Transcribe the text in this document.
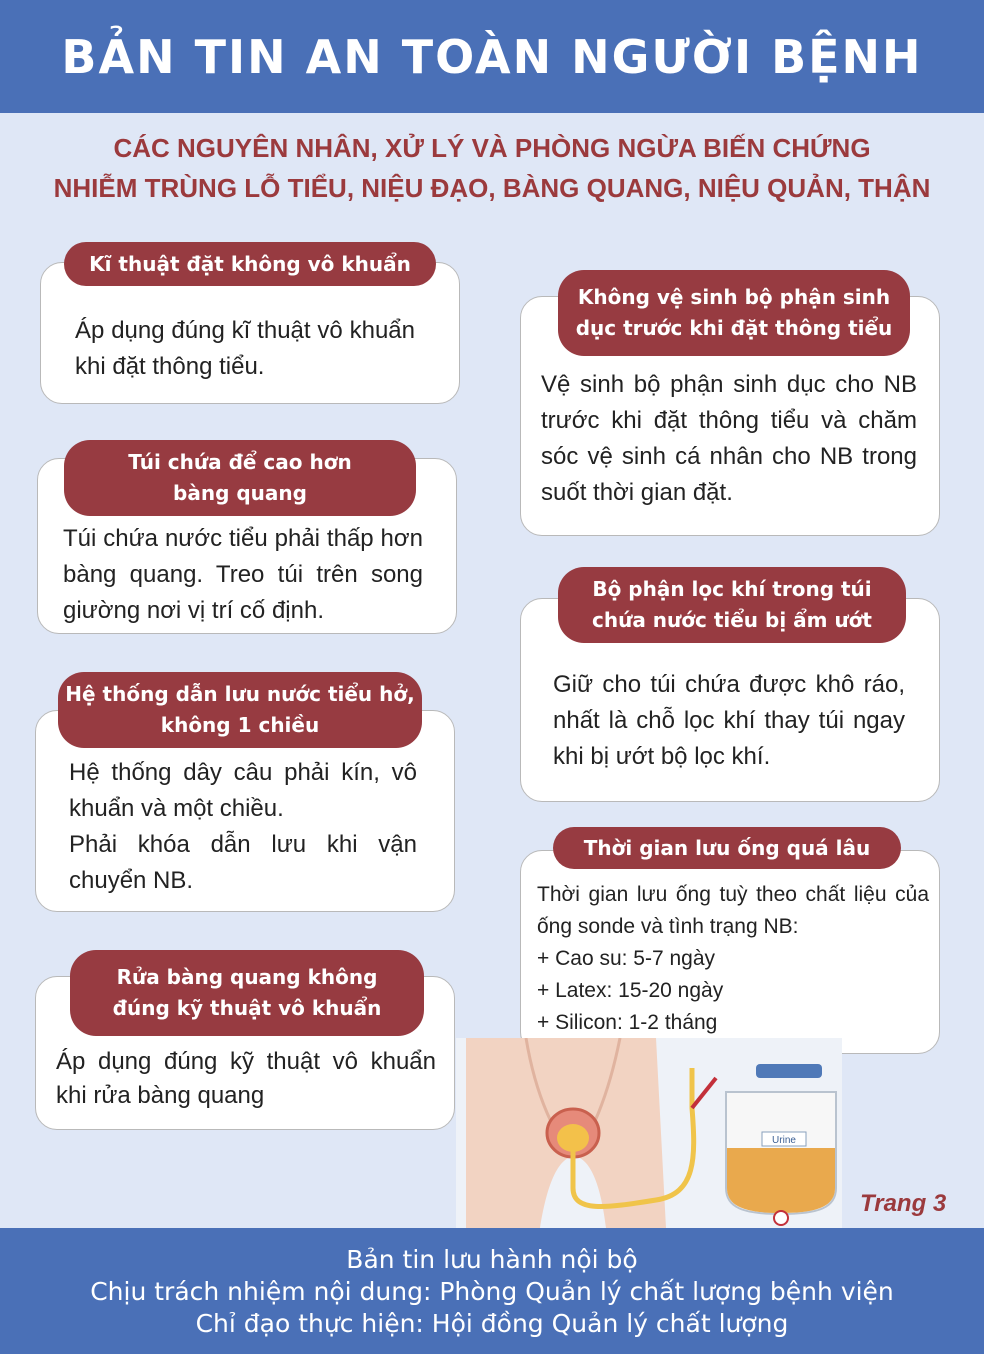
BẢN TIN AN TOÀN NGƯỜI BỆNH
CÁC NGUYÊN NHÂN, XỬ LÝ VÀ PHÒNG NGỪA BIẾN CHỨNG
NHIỄM TRÙNG LỖ TIỂU, NIỆU ĐẠO, BÀNG QUANG, NIỆU QUẢN, THẬN
Áp dụng đúng kĩ thuật vô khuẩn khi đặt thông tiểu.
Kĩ thuật đặt không vô khuẩn
Túi chứa nước tiểu phải thấp hơn bàng quang. Treo túi trên song giường nơi vị trí cố định.
Túi chứa để cao hơn
bàng quang
Hệ thống dây câu phải kín, vô khuẩn và một chiều.
Phải khóa dẫn lưu khi vận chuyển NB.
Hệ thống dẫn lưu nước tiểu hở,
không 1 chiều
Áp dụng đúng kỹ thuật vô khuẩn khi rửa bàng quang
Rửa bàng quang không
đúng kỹ thuật vô khuẩn
Vệ sinh bộ phận sinh dục cho NB trước khi đặt thông tiểu và chăm sóc vệ sinh cá nhân cho NB trong suốt thời gian đặt.
Không vệ sinh bộ phận sinh
dục trước khi đặt thông tiểu
Giữ cho túi chứa được khô ráo, nhất là chỗ lọc khí thay túi ngay khi bị ướt bộ lọc khí.
Bộ phận lọc khí trong túi
chứa nước tiểu bị ẩm ướt
Thời gian lưu ống tuỳ theo chất liệu của ống sonde và tình trạng NB:
+ Cao su: 5-7 ngày
+ Latex: 15-20 ngày
+ Silicon: 1-2 tháng
Thời gian lưu ống quá lâu
Urine
Trang 3
Bản tin lưu hành nội bộ
Chịu trách nhiệm nội dung: Phòng Quản lý chất lượng bệnh viện
Chỉ đạo thực hiện: Hội đồng Quản lý chất lượng
